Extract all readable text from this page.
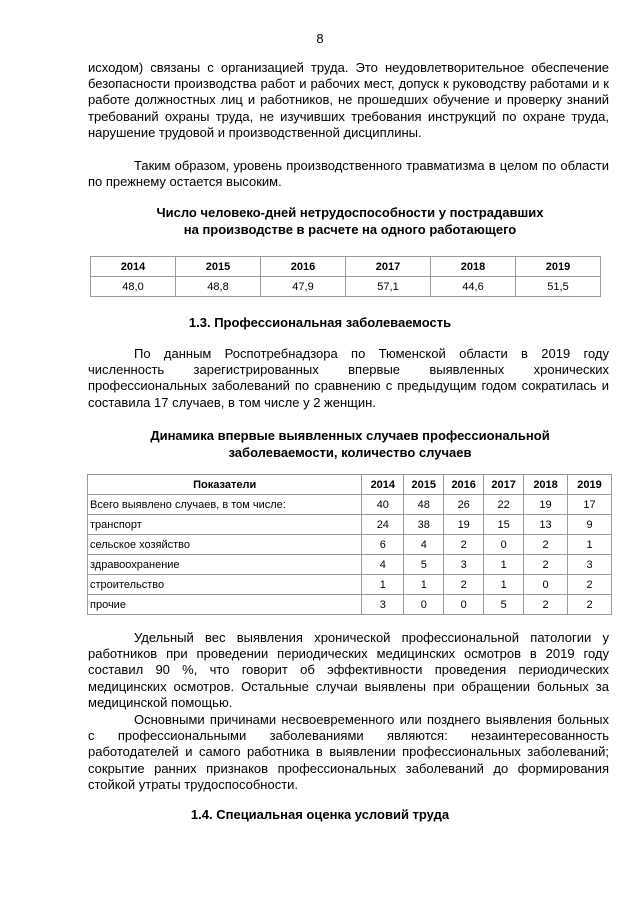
8

исходом) связаны с организацией труда. Это неудовлетворительное обеспечение безопасности производства работ и рабочих мест, допуск к руководству работами и к работе должностных лиц и работников, не прошедших обучение и проверку знаний требований охраны труда, не изучивших требования инструкций по охране труда, нарушение трудовой и производственной дисциплины.

Таким образом, уровень производственного травматизма в целом по области по прежнему остается высоким.

Число человеко-дней нетрудоспособности у пострадавших
на производстве в расчете на одного работающего
2014	2015	2016	2017	2018	2019
48,0	48,8	47,9	57,1	44,6	51,5
1.3. Профессиональная заболеваемость

По данным Роспотребнадзора по Тюменской области в 2019 году численность зарегистрированных впервые выявленных хронических профессиональных заболеваний по сравнению с предыдущим годом сократилась и составила 17 случаев, в том числе у 2 женщин.

Динамика впервые выявленных случаев профессиональной
заболеваемости, количество случаев
Показатели	2014	2015	2016	2017	2018	2019
Всего выявлено случаев, в том числе:	40	48	26	22	19	17
транспорт	24	38	19	15	13	9
сельское хозяйство	6	4	2	0	2	1
здравоохранение	4	5	3	1	2	3
строительство	1	1	2	1	0	2
прочие	3	0	0	5	2	2

Удельный вес выявления хронической профессиональной патологии у работников при проведении периодических медицинских осмотров в 2019 году составил 90 %, что говорит об эффективности проведения периодических медицинских осмотров. Остальные случаи выявлены при обращении больных за медицинской помощью.

Основными причинами несвоевременного или позднего выявления больных с профессиональными заболеваниями являются: незаинтересованность работодателей и самого работника в выявлении профессиональных заболеваний; сокрытие ранних признаков профессиональных заболеваний до формирования стойкой утраты трудоспособности.

1.4. Специальная оценка условий труда
